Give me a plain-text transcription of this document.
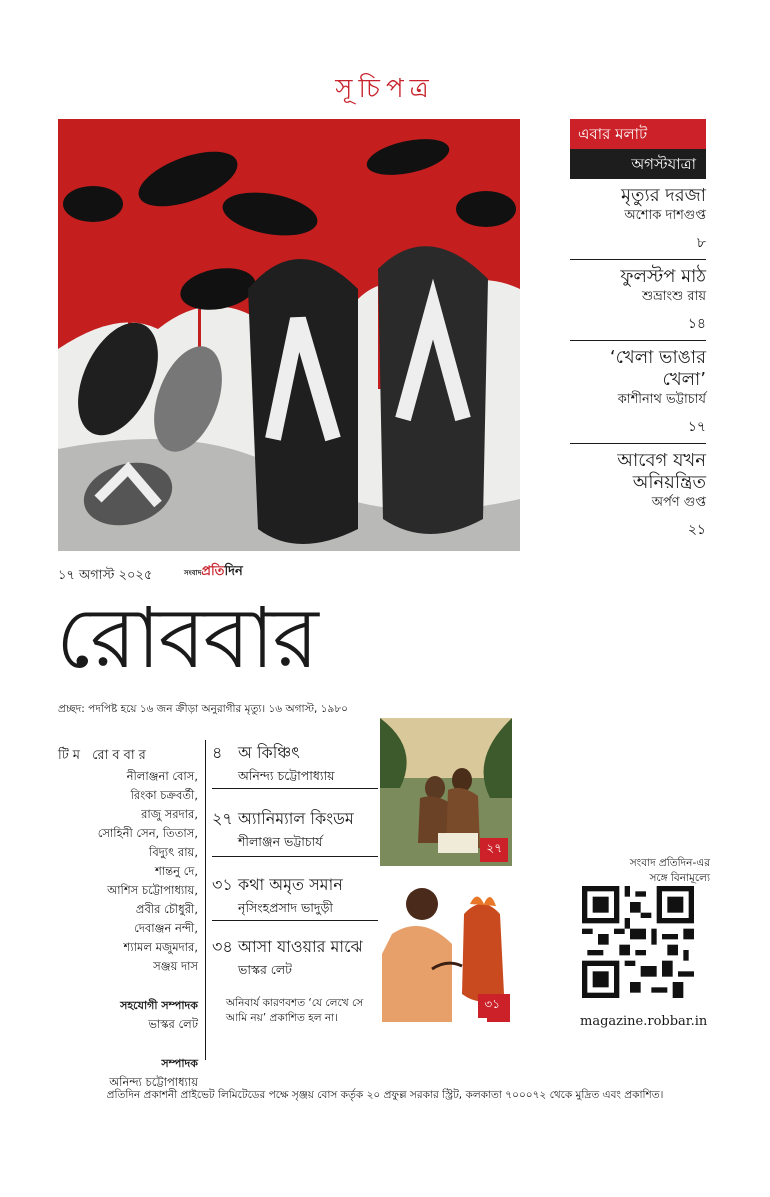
সূচিপত্র
এবার মলাট
অগস্টযাত্রা
মৃত্যুর দরজা
অশোক দাশগুপ্ত
৮
ফুলস্টপ মাঠ
শুভ্রাংশু রায়
১৪
‘খেলা ভাঙার খেলা’
কাশীনাথ ভট্টাচার্য
১৭
আবেগ যখন অনিয়ন্ত্রিত
অর্পণ গুপ্ত
২১
১৭ অগাস্ট ২০২৫	সংবাদপ্রতিদিন
রোববার
প্রচ্ছদ: পদপিষ্ট হয়ে ১৬ জন ক্রীড়া অনুরাগীর মৃত্যু। ১৬ অগাস্ট, ১৯৮০
টিম রোববার
নীলাঞ্জনা বোস,
রিংকা চক্রবর্তী,
রাজু সরদার,
সোহিনী সেন, তিতাস,
বিদ্যুৎ রায়,
শান্তনু দে,
আশিস চট্টোপাধ্যায়,
প্রবীর চৌধুরী,
দেবাঞ্জন নন্দী,
শ্যামল মজুমদার,
সঞ্জয় দাস
সহযোগী সম্পাদক
ভাস্কর লেট
সম্পাদক
অনিন্দ্য চট্টোপাধ্যায়
৪ অ কিঞ্চিৎ
অনিন্দ্য চট্টোপাধ্যায়
২৭ অ্যানিম্যাল কিংডম
শীলাঞ্জন ভট্টাচার্য
৩১ কথা অমৃত সমান
নৃসিংহপ্রসাদ ভাদুড়ী
৩৪ আসা যাওয়ার মাঝে
ভাস্কর লেট
২৭
৩১
অনিবার্য কারণবশত ‘যে লেখে সে আমি নয়’ প্রকাশিত হল না।
সংবাদ প্রতিদিন-এর
সঙ্গে বিনামূল্যে
magazine.robbar.in
প্রতিদিন প্রকাশনী প্রাইভেট লিমিটেডের পক্ষে সৃঞ্জয় বোস কর্তৃক ২০ প্রফুল্ল সরকার স্ট্রিট, কলকাতা ৭০০০৭২ থেকে মুদ্রিত এবং প্রকাশিত।
